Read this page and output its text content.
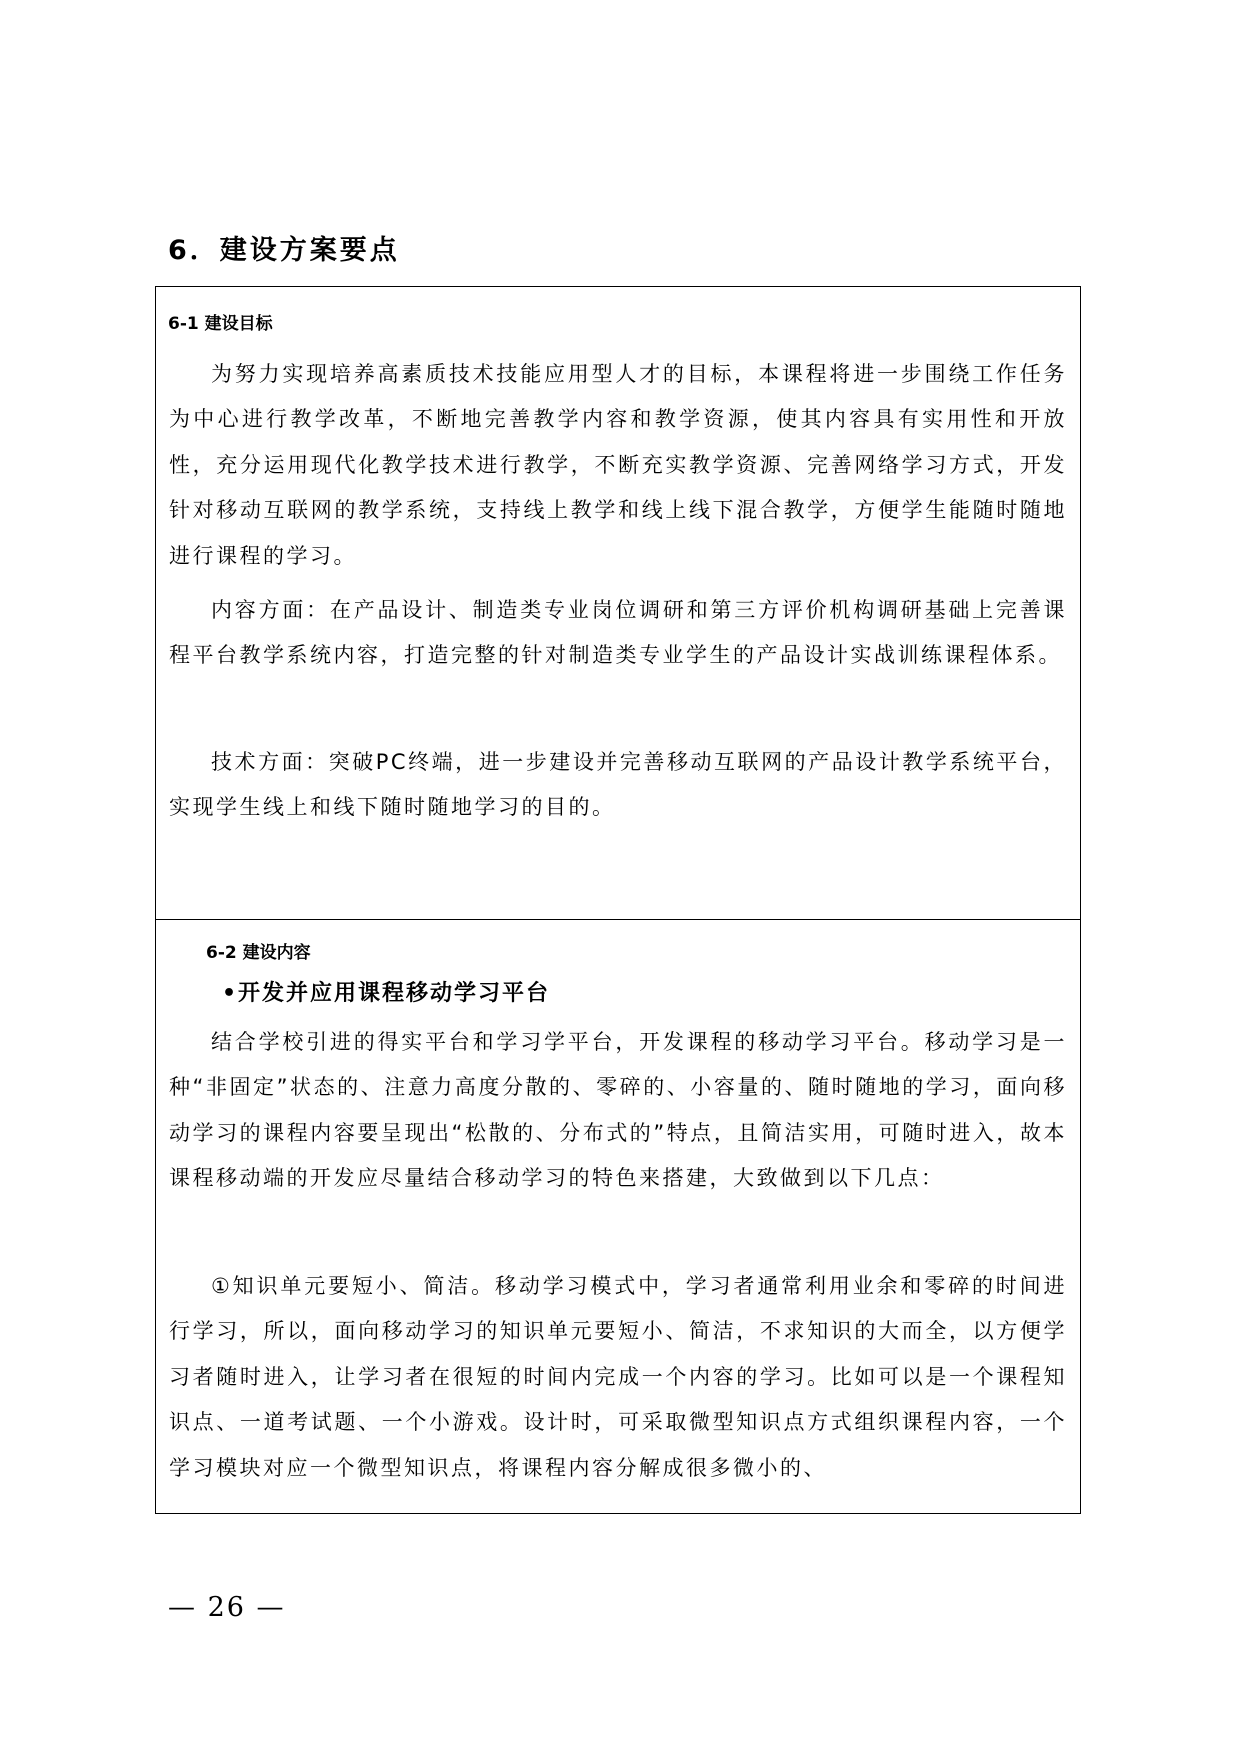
6．建设方案要点
6-1 建设目标

为努力实现培养高素质技术技能应用型人才的目标，本课程将进一步围绕工作任务为中心进行教学改革，不断地完善教学内容和教学资源，使其内容具有实用性和开放性，充分运用现代化教学技术进行教学，不断充实教学资源、完善网络学习方式，开发针对移动互联网的教学系统，支持线上教学和线上线下混合教学，方便学生能随时随地进行课程的学习。

内容方面：在产品设计、制造类专业岗位调研和第三方评价机构调研基础上完善课程平台教学系统内容，打造完整的针对制造类专业学生的产品设计实战训练课程体系。

技术方面：突破PC终端，进一步建设并完善移动互联网的产品设计教学系统平台，实现学生线上和线下随时随地学习的目的。

6-2 建设内容
•开发并应用课程移动学习平台

结合学校引进的得实平台和学习学平台，开发课程的移动学习平台。移动学习是一种“非固定”状态的、注意力高度分散的、零碎的、小容量的、随时随地的学习，面向移动学习的课程内容要呈现出“松散的、分布式的”特点，且简洁实用，可随时进入，故本课程移动端的开发应尽量结合移动学习的特色来搭建，大致做到以下几点：

①知识单元要短小、简洁。移动学习模式中，学习者通常利用业余和零碎的时间进行学习，所以，面向移动学习的知识单元要短小、简洁，不求知识的大而全，以方便学习者随时进入，让学习者在很短的时间内完成一个内容的学习。比如可以是一个课程知识点、一道考试题、一个小游戏。设计时，可采取微型知识点方式组织课程内容，一个学习模块对应一个微型知识点，将课程内容分解成很多微小的、

— 26 —
